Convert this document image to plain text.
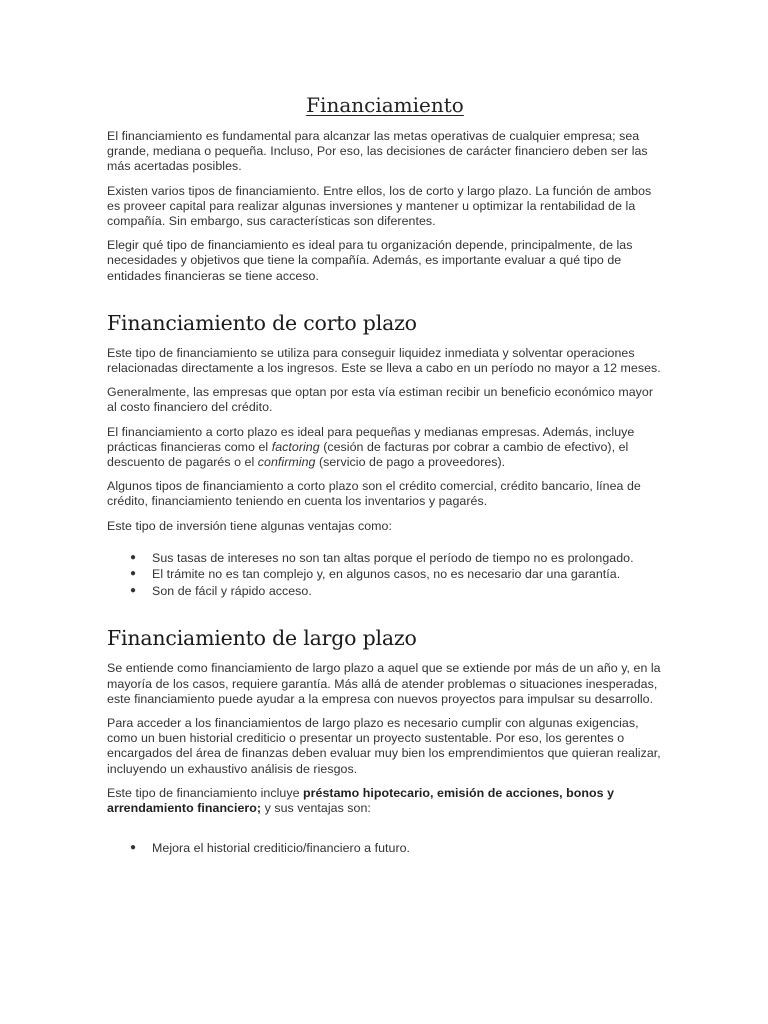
Financiamiento

El financiamiento es fundamental para alcanzar las metas operativas de cualquier empresa; sea grande, mediana o pequeña. Incluso, Por eso, las decisiones de carácter financiero deben ser las más acertadas posibles.

Existen varios tipos de financiamiento. Entre ellos, los de corto y largo plazo. La función de ambos es proveer capital para realizar algunas inversiones y mantener u optimizar la rentabilidad de la compañía. Sin embargo, sus características son diferentes.

Elegir qué tipo de financiamiento es ideal para tu organización depende, principalmente, de las necesidades y objetivos que tiene la compañía. Además, es importante evaluar a qué tipo de entidades financieras se tiene acceso.

Financiamiento de corto plazo

Este tipo de financiamiento se utiliza para conseguir liquidez inmediata y solventar operaciones relacionadas directamente a los ingresos. Este se lleva a cabo en un período no mayor a 12 meses.

Generalmente, las empresas que optan por esta vía estiman recibir un beneficio económico mayor al costo financiero del crédito.

El financiamiento a corto plazo es ideal para pequeñas y medianas empresas. Además, incluye prácticas financieras como el factoring (cesión de facturas por cobrar a cambio de efectivo), el descuento de pagarés o el confirming (servicio de pago a proveedores).

Algunos tipos de financiamiento a corto plazo son el crédito comercial, crédito bancario, línea de crédito, financiamiento teniendo en cuenta los inventarios y pagarés.

Este tipo de inversión tiene algunas ventajas como:

● Sus tasas de intereses no son tan altas porque el período de tiempo no es prolongado.
● El trámite no es tan complejo y, en algunos casos, no es necesario dar una garantía.
● Son de fácil y rápido acceso.
Financiamiento de largo plazo

Se entiende como financiamiento de largo plazo a aquel que se extiende por más de un año y, en la mayoría de los casos, requiere garantía. Más allá de atender problemas o situaciones inesperadas, este financiamiento puede ayudar a la empresa con nuevos proyectos para impulsar su desarrollo.

Para acceder a los financiamientos de largo plazo es necesario cumplir con algunas exigencias, como un buen historial crediticio o presentar un proyecto sustentable. Por eso, los gerentes o encargados del área de finanzas deben evaluar muy bien los emprendimientos que quieran realizar, incluyendo un exhaustivo análisis de riesgos.

Este tipo de financiamiento incluye préstamo hipotecario, emisión de acciones, bonos y arrendamiento financiero; y sus ventajas son:

● Mejora el historial crediticio/financiero a futuro.
